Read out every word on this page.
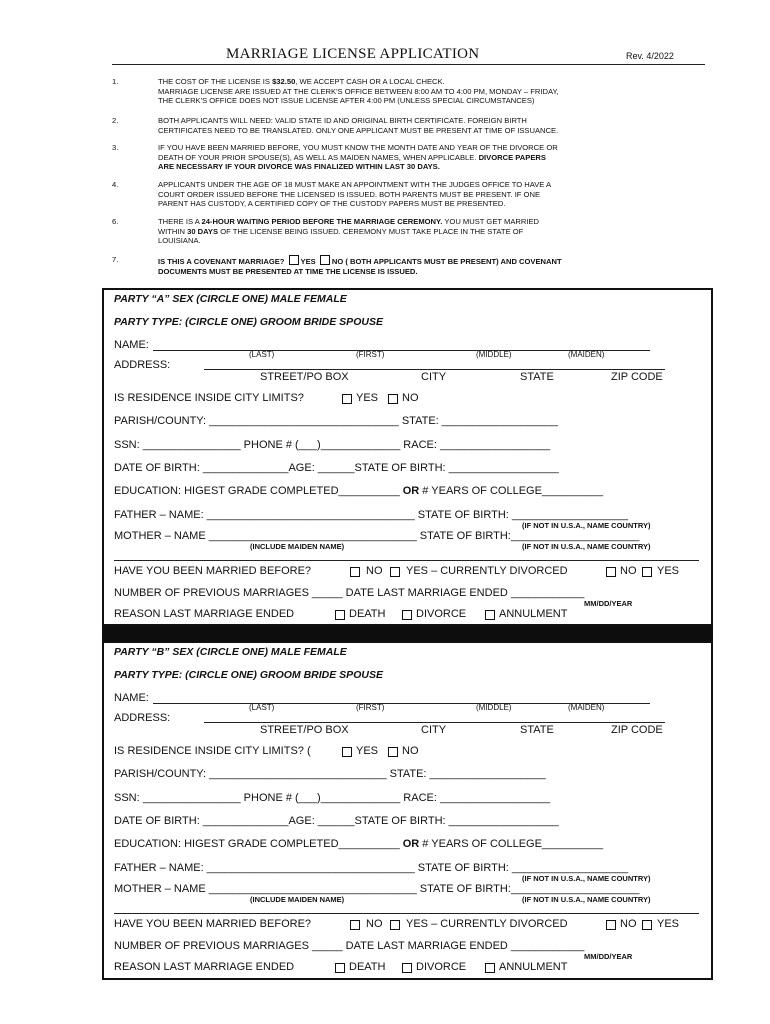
MARRIAGE LICENSE APPLICATION	Rev. 4/2022
1.	THE COST OF THE LICENSE IS $32.50, WE ACCEPT CASH OR A LOCAL CHECK.
MARRIAGE LICENSE ARE ISSUED AT THE CLERK'S OFFICE BETWEEN 8:00 AM TO 4:00 PM, MONDAY – FRIDAY,
THE CLERK'S OFFICE DOES NOT ISSUE LICENSE AFTER 4:00 PM (UNLESS SPECIAL CIRCUMSTANCES)
2.	BOTH APPLICANTS WILL NEED: VALID STATE ID AND ORIGINAL BIRTH CERTIFICATE. FOREIGN BIRTH
CERTIFICATES NEED TO BE TRANSLATED. ONLY ONE APPLICANT MUST BE PRESENT AT TIME OF ISSUANCE.
3.	IF YOU HAVE BEEN MARRIED BEFORE, YOU MUST KNOW THE MONTH DATE AND YEAR OF THE DIVORCE OR
DEATH OF YOUR PRIOR SPOUSE(S), AS WELL AS MAIDEN NAMES, WHEN APPLICABLE. DIVORCE PAPERS
ARE NECESSARY IF YOUR DIVORCE WAS FINALIZED WITHIN LAST 30 DAYS.
4.	APPLICANTS UNDER THE AGE OF 18 MUST MAKE AN APPOINTMENT WITH THE JUDGES OFFICE TO HAVE A
COURT ORDER ISSUED BEFORE THE LICENSED IS ISSUED. BOTH PARENTS MUST BE PRESENT. IF ONE
PARENT HAS CUSTODY, A CERTIFIED COPY OF THE CUSTODY PAPERS MUST BE PRESENTED.
6.	THERE IS A 24-HOUR WAITING PERIOD BEFORE THE MARRIAGE CEREMONY. YOU MUST GET MARRIED
WITHIN 30 DAYS OF THE LICENSE BEING ISSUED. CEREMONY MUST TAKE PLACE IN THE STATE OF
LOUISIANA.
7.	IS THIS A COVENANT MARRIAGE? YES NO ( BOTH APPLICANTS MUST BE PRESENT) AND COVENANT
DOCUMENTS MUST BE PRESENTED AT TIME THE LICENSE IS ISSUED.
PARTY “A” SEX (CIRCLE ONE) MALE FEMALE
PARTY TYPE: (CIRCLE ONE) GROOM BRIDE SPOUSE
NAME:
(LAST)	(FIRST)	(MIDDLE)	(MAIDEN)
ADDRESS:
STREET/PO BOX	CITY	STATE	ZIP CODE
IS RESIDENCE INSIDE CITY LIMITS?	YES NO
PARISH/COUNTY: _______________________________ STATE: ___________________
SSN: ________________ PHONE # (___)_____________ RACE: __________________
DATE OF BIRTH: ______________AGE: ______STATE OF BIRTH: __________________
EDUCATION: HIGEST GRADE COMPLETED__________ OR # YEARS OF COLLEGE__________
FATHER – NAME: __________________________________ STATE OF BIRTH: ___________________
(IF NOT IN U.S.A., NAME COUNTRY)
MOTHER – NAME __________________________________ STATE OF BIRTH:_____________________
(INCLUDE MAIDEN NAME)	(IF NOT IN U.S.A., NAME COUNTRY)
HAVE YOU BEEN MARRIED BEFORE?	NO YES – CURRENTLY DIVORCED	NO YES
NUMBER OF PREVIOUS MARRIAGES _____ DATE LAST MARRIAGE ENDED ____________
MM/DD/YEAR
REASON LAST MARRIAGE ENDED	DEATH	DIVORCE	ANNULMENT
PARTY “B” SEX (CIRCLE ONE) MALE FEMALE
PARTY TYPE: (CIRCLE ONE) GROOM BRIDE SPOUSE
NAME:
(LAST)	(FIRST)	(MIDDLE)	(MAIDEN)
ADDRESS:
STREET/PO BOX	CITY	STATE	ZIP CODE
IS RESIDENCE INSIDE CITY LIMITS? (	YES NO
PARISH/COUNTY: _____________________________ STATE: ___________________
SSN: ________________ PHONE # (___)_____________ RACE: __________________
DATE OF BIRTH: ______________AGE: ______STATE OF BIRTH: __________________
EDUCATION: HIGEST GRADE COMPLETED__________ OR # YEARS OF COLLEGE__________
FATHER – NAME: __________________________________ STATE OF BIRTH: ___________________
(IF NOT IN U.S.A., NAME COUNTRY)
MOTHER – NAME __________________________________ STATE OF BIRTH:_____________________
(INCLUDE MAIDEN NAME)	(IF NOT IN U.S.A., NAME COUNTRY)
HAVE YOU BEEN MARRIED BEFORE?	NO YES – CURRENTLY DIVORCED	NO YES
NUMBER OF PREVIOUS MARRIAGES _____ DATE LAST MARRIAGE ENDED ____________
MM/DD/YEAR
REASON LAST MARRIAGE ENDED	DEATH	DIVORCE	ANNULMENT
